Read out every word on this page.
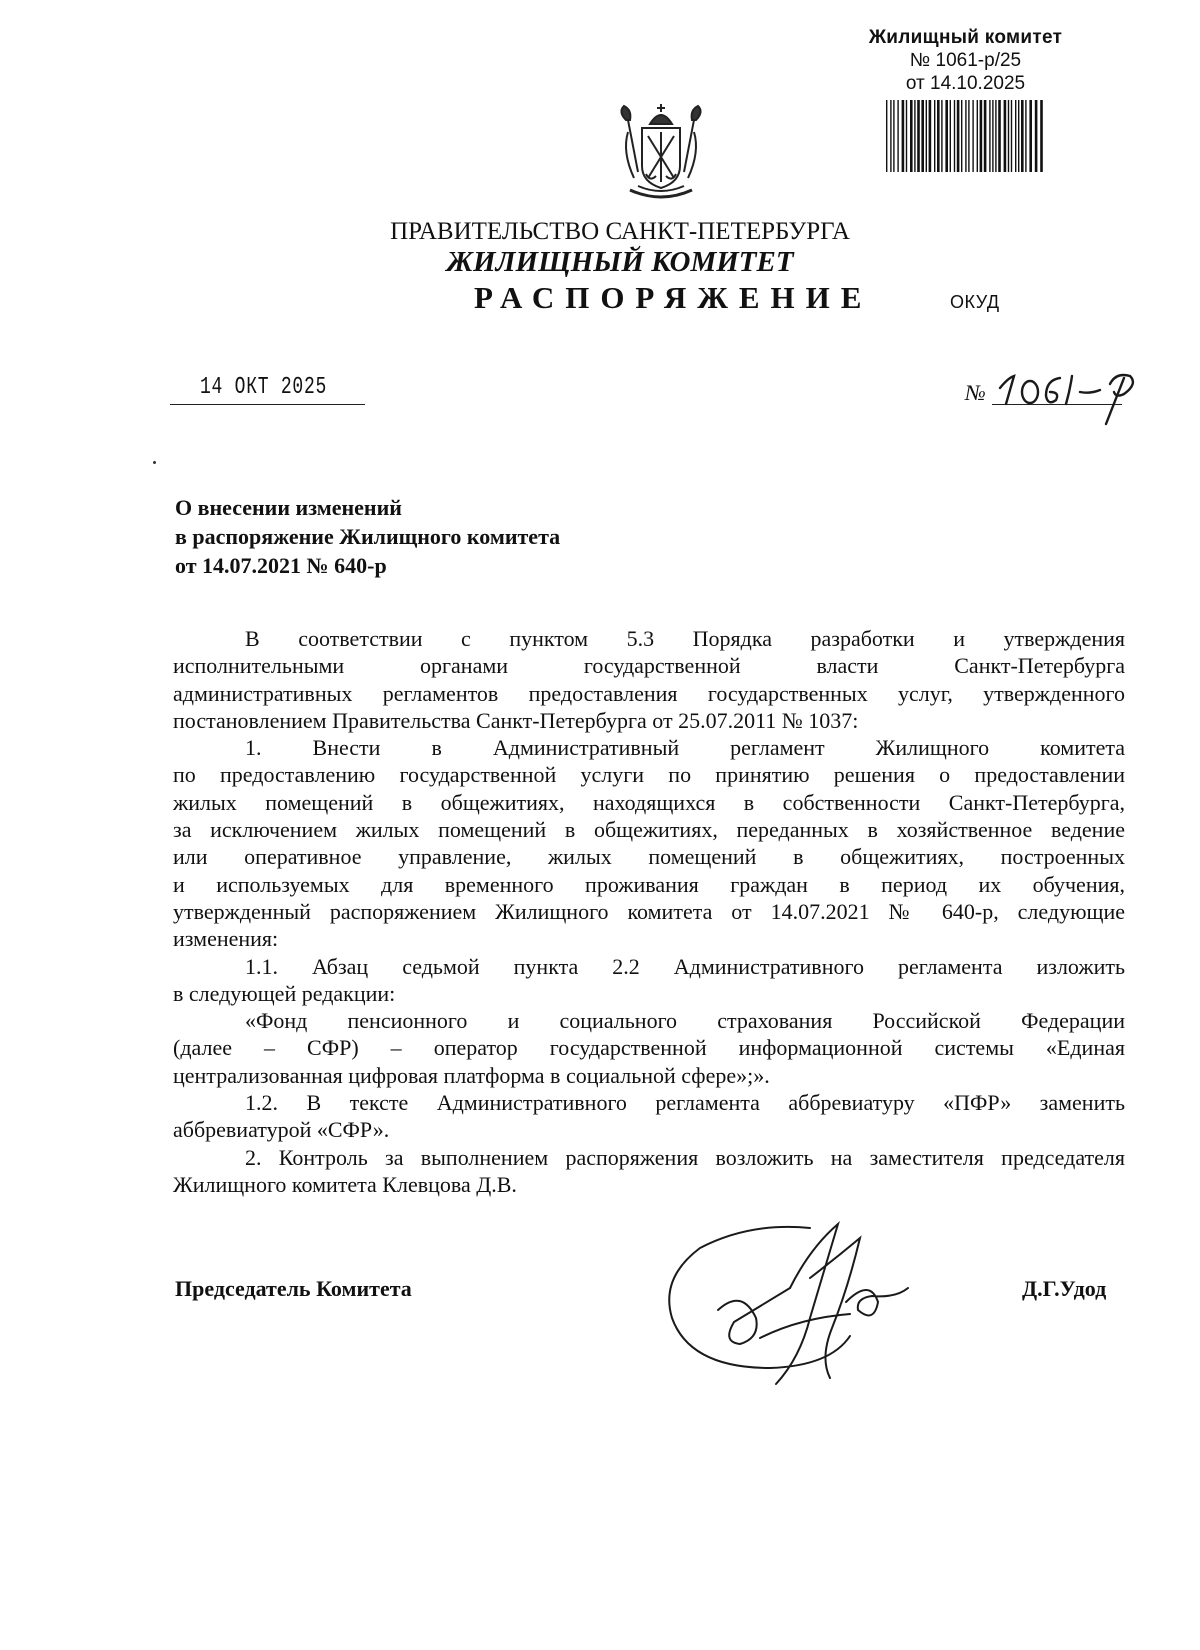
Жилищный комитет
№ 1061-р/25
от 14.10.2025
ПРАВИТЕЛЬСТВО САНКТ-ПЕТЕРБУРГА
ЖИЛИЩНЫЙ КОМИТЕТ
РАСПОРЯЖЕНИЕ	ОКУД
14 ОКТ 2025	№
О внесении изменений
в распоряжение Жилищного комитета
от 14.07.2021 № 640-р

В соответствии с пунктом 5.3 Порядка разработки и утверждения

исполнительными органами государственной власти Санкт-Петербурга

административных регламентов предоставления государственных услуг, утвержденного

постановлением Правительства Санкт-Петербурга от 25.07.2011 № 1037:

1. Внести в Административный регламент Жилищного комитета

по предоставлению государственной услуги по принятию решения о предоставлении

жилых помещений в общежитиях, находящихся в собственности Санкт-Петербурга,

за исключением жилых помещений в общежитиях, переданных в хозяйственное ведение

или оперативное управление, жилых помещений в общежитиях, построенных

и используемых для временного проживания граждан в период их обучения,

утвержденный распоряжением Жилищного комитета от 14.07.2021 № 640-р, следующие

изменения:

1.1. Абзац седьмой пункта 2.2 Административного регламента изложить

в следующей редакции:

«Фонд пенсионного и социального страхования Российской Федерации

(далее – СФР) – оператор государственной информационной системы «Единая

централизованная цифровая платформа в социальной сфере»;».

1.2. В тексте Административного регламента аббревиатуру «ПФР» заменить

аббревиатурой «СФР».

2. Контроль за выполнением распоряжения возложить на заместителя председателя

Жилищного комитета Клевцова Д.В.

Председатель Комитета	Д.Г.Удод
